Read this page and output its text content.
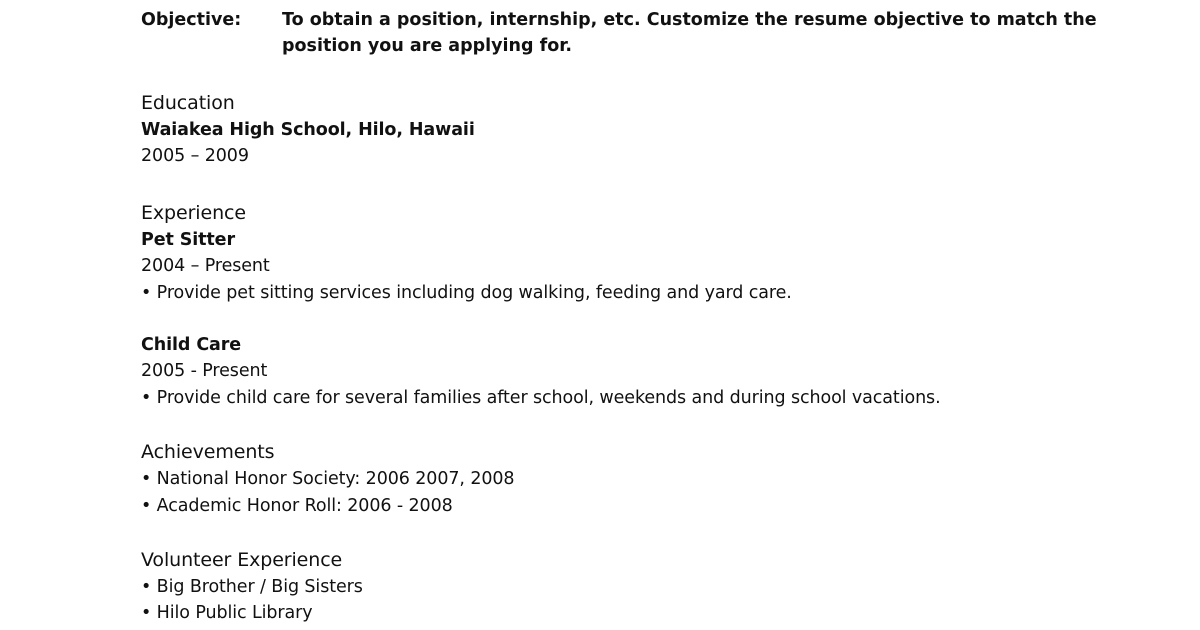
Objective: To obtain a position, internship, etc. Customize the resume objective to match the
position you are applying for.
Education
Waiakea High School, Hilo, Hawaii
2005 – 2009
Experience
Pet Sitter
2004 – Present
• Provide pet sitting services including dog walking, feeding and yard care.
Child Care
2005 - Present
• Provide child care for several families after school, weekends and during school vacations.
Achievements
• National Honor Society: 2006 2007, 2008
• Academic Honor Roll: 2006 - 2008
Volunteer Experience
• Big Brother / Big Sisters
• Hilo Public Library
